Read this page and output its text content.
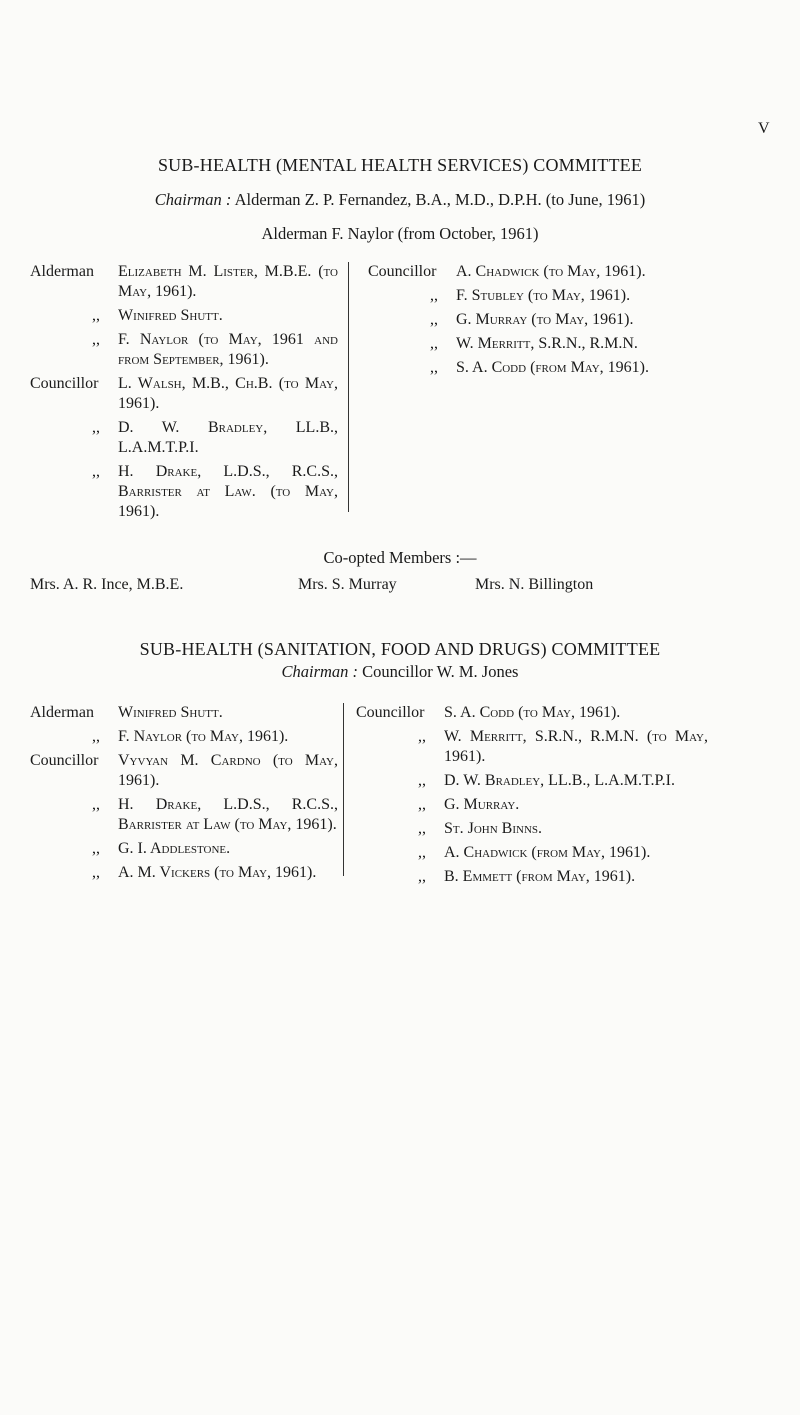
V
SUB-HEALTH (MENTAL HEALTH SERVICES) COMMITTEE
Chairman : Alderman Z. P. Fernandez, B.A., M.D., D.P.H. (to June, 1961)
Alderman F. Naylor (from October, 1961)
Alderman Elizabeth M. Lister, M.B.E. (to May, 1961).
,, Winifred Shutt.
,, F. Naylor (to May, 1961 and from September, 1961).
Councillor L. Walsh, M.B., Ch.B. (to May, 1961).
,, D. W. Bradley, LL.B., L.A.M.T.P.I.
,, H. Drake, L.D.S., R.C.S., Barrister at Law. (to May, 1961).
Councillor A. Chadwick (to May, 1961).
,, F. Stubley (to May, 1961).
,, G. Murray (to May, 1961).
,, W. Merritt, S.R.N., R.M.N.
,, S. A. Codd (from May, 1961).
Co-opted Members :—
Mrs. A. R. Ince, M.B.E.	Mrs. S. Murray	Mrs. N. Billington
SUB-HEALTH (SANITATION, FOOD AND DRUGS) COMMITTEE
Chairman : Councillor W. M. Jones
Alderman Winifred Shutt.
,, F. Naylor (to May, 1961).
Councillor Vyvyan M. Cardno (to May, 1961).
,, H. Drake, L.D.S., R.C.S., Barrister at Law (to May, 1961).
,, G. I. Addlestone.
,, A. M. Vickers (to May, 1961).
Councillor S. A. Codd (to May, 1961).
,, W. Merritt, S.R.N., R.M.N. (to May, 1961).
,, D. W. Bradley, LL.B., L.A.M.T.P.I.
,, G. Murray.
,, St. John Binns.
,, A. Chadwick (from May, 1961).
,, B. Emmett (from May, 1961).
